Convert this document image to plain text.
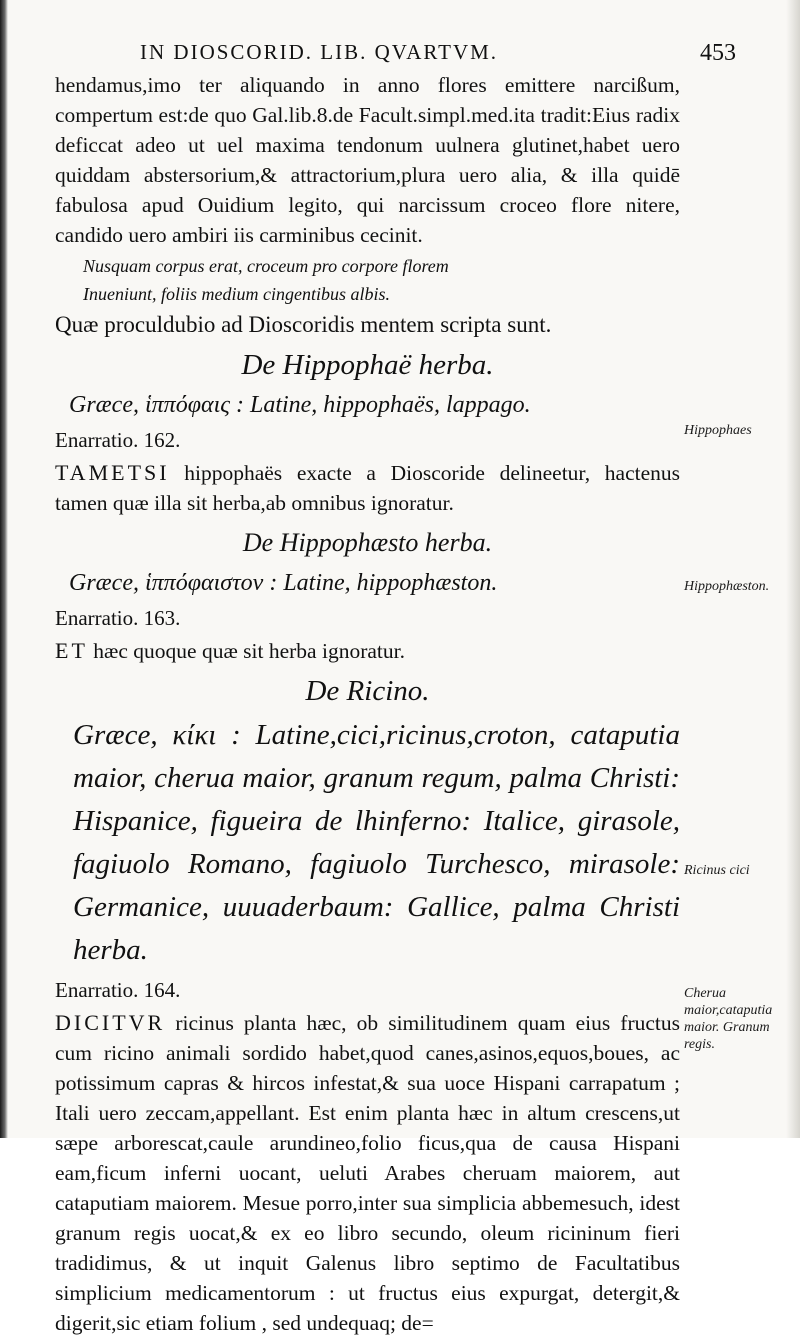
IN DIOSCORID. LIB. QVARTVM.	453

hendamus,imo ter aliquando in anno flores emittere narcißum, compertum est:de quo Gal.lib.8.de Facult.simpl.med.ita tradit:Eius radix deficcat adeo ut uel maxima tendonum uulnera glutinet,habet uero quiddam abstersorium,& attractorium,plura uero alia, & illa quidē fabulosa apud Ouidium legito, qui narcissum croceo flore nitere, candido uero ambiri iis carminibus cecinit.

Nusquam corpus erat, croceum pro corpore florem

Inueniunt, foliis medium cingentibus albis.

Quæ proculdubio ad Dioscoridis mentem scripta sunt.

De Hippophaë herba.

Græce, ἱππόφαις : Latine, hippophaës, lappago.

Enarratio. 162.

TAMETSI hippophaës exacte a Dioscoride delineetur, hactenus tamen quæ illa sit herba,ab omnibus ignoratur.

De Hippophæsto herba.

Græce, ἱππόφαιστον : Latine, hippophæston.

Enarratio. 163.

ET hæc quoque quæ sit herba ignoratur.

De Ricino.

Græce, κίκι : Latine,cici,ricinus,croton, cataputia maior, cherua maior, granum regum, palma Christi: Hispanice, figueira de lhinferno: Italice, girasole, fagiuolo Romano, fagiuolo Turchesco, mirasole: Germanice, uuuaderbaum: Gallice, palma Christi herba.

Enarratio. 164.

DICITVR ricinus planta hæc, ob similitudinem quam eius fructus cum ricino animali sordido habet,quod canes,asinos,equos,boues, ac potissimum capras & hircos infestat,& sua uoce Hispani carrapatum ; Itali uero zeccam,appellant. Est enim planta hæc in altum crescens,ut sæpe arborescat,caule arundineo,folio ficus,qua de causa Hispani eam,ficum inferni uocant, ueluti Arabes cheruam maiorem, aut cataputiam maiorem. Mesue porro,inter sua simplicia abbemesuch, idest granum regis uocat,& ex eo libro secundo, oleum ricininum fieri tradidimus, & ut inquit Galenus libro septimo de Facultatibus simplicium medicamentorum : ut fructus eius expurgat, detergit,& digerit,sic etiam folium , sed undequaq; de=

Hippophaes
Hippophæston.
Ricinus cici
Cherua maior,cataputia maior. Granum regis.
